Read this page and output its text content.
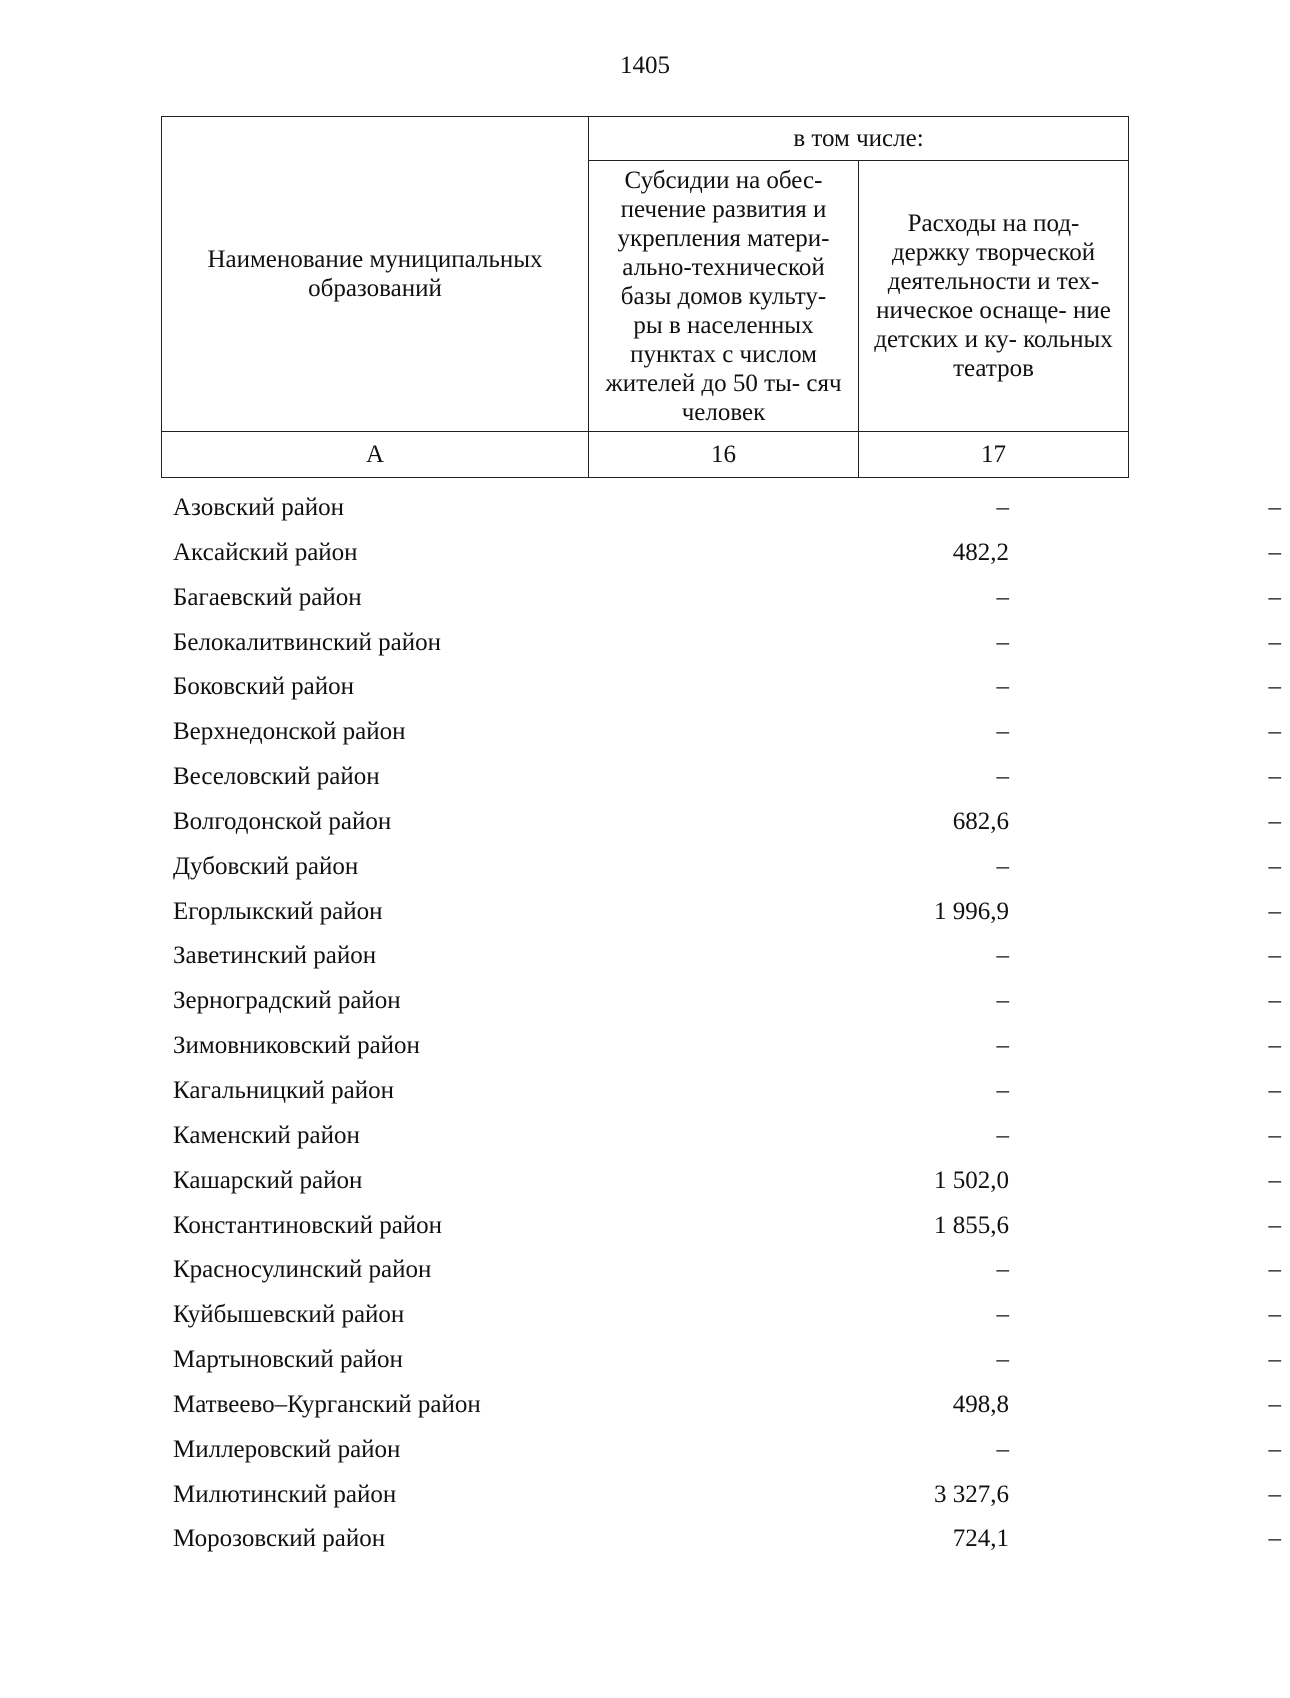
1405
Наименование муниципальных образований	в том числе:	

	Субсидии на обес- печение развития и укрепления матери- ально-технической базы домов культу- ры в населенных пунктах с числом жителей до 50 ты- сяч человек	Расходы на под- держку творческой деятельности и тех- ническое оснаще- ние детских и ку- кольных театров

А	16	17
Азовский район	–	–
Аксайский район	482,2	–
Багаевский район	–	–
Белокалитвинский район	–	–
Боковский район	–	–
Верхнедонской район	–	–
Веселовский район	–	–
Волгодонской район	682,6	–
Дубовский район	–	–
Егорлыкский район	1 996,9	–
Заветинский район	–	–
Зерноградский район	–	–
Зимовниковский район	–	–
Кагальницкий район	–	–
Каменский район	–	–
Кашарский район	1 502,0	–
Константиновский район	1 855,6	–
Красносулинский район	–	–
Куйбышевский район	–	–
Мартыновский район	–	–
Матвеево–Курганский район	498,8	–
Миллеровский район	–	–
Милютинский район	3 327,6	–
Морозовский район	724,1	–
